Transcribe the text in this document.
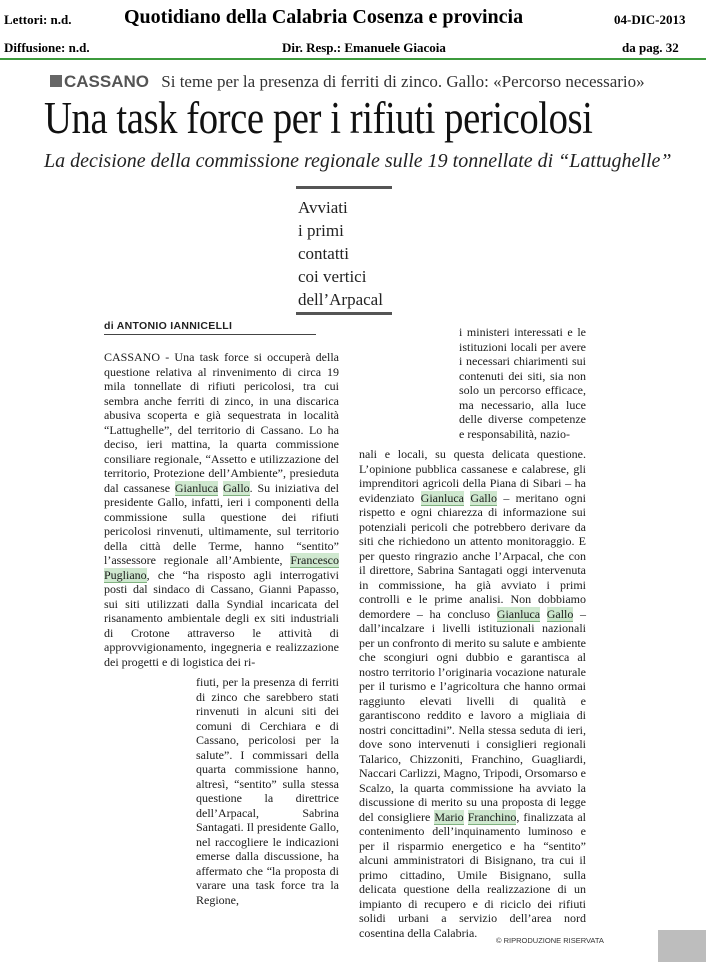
Lettori: n.d.
Diffusione: n.d.
Quotidiano della Calabria Cosenza e provincia
Dir. Resp.: Emanuele Giacoia
04-DIC-2013
da pag. 32
CASSANO Si teme per la presenza di ferriti di zinco. Gallo: «Percorso necessario»
Una task force per i rifiuti pericolosi
La decisione della commissione regionale sulle 19 tonnellate di “Lattughelle”
Avviati
i primi
contatti
coi vertici
dell’Arpacal
di ANTONIO IANNICELLI

CASSANO - Una task force si occuperà della questione relativa al rinvenimento di circa 19 mila tonnellate di rifiuti pericolosi, tra cui sembra anche ferriti di zinco, in una discarica abusiva scoperta e già sequestrata in località “Lattughelle”, del territorio di Cassano. Lo ha deciso, ieri mattina, la quarta commissione consiliare regionale, “Assetto e utilizzazione del territorio, Protezione dell’Ambiente”, presieduta dal cassanese Gianluca Gallo. Su iniziativa del presidente Gallo, infatti, ieri i componenti della commissione sulla questione dei rifiuti pericolosi rinvenuti, ultimamente, sul territorio della città delle Terme, hanno “sentito” l’assessore regionale all’Ambiente, Francesco Pugliano, che “ha risposto agli interrogativi posti dal sindaco di Cassano, Gianni Papasso, sui siti utilizzati dalla Syndial incaricata del risanamento ambientale degli ex siti industriali di Crotone attraverso le attività di approvvigionamento, ingegneria e realizzazione dei progetti e di logistica dei ri-

fiuti, per la presenza di ferriti di zinco che sarebbero stati rinvenuti in alcuni siti dei comuni di Cerchiara e di Cassano, pericolosi per la salute”. I commissari della quarta commissione hanno, altresì, “sentito” sulla stessa questione la direttrice dell’Arpacal, Sabrina Santagati. Il presidente Gallo, nel raccogliere le indicazioni emerse dalla discussione, ha affermato che “la proposta di varare una task force tra la Regione,

i ministeri interessati e le istituzioni locali per avere i necessari chiarimenti sui contenuti dei siti, sia non solo un percorso efficace, ma necessario, alla luce delle diverse competenze e responsabilità, nazio-

nali e locali, su questa delicata questione. L’opinione pubblica cassanese e calabrese, gli imprenditori agricoli della Piana di Sibari – ha evidenziato Gianluca Gallo – meritano ogni rispetto e ogni chiarezza di informazione sui potenziali pericoli che potrebbero derivare da siti che richiedono un attento monitoraggio. E per questo ringrazio anche l’Arpacal, che con il direttore, Sabrina Santagati oggi intervenuta in commissione, ha già avviato i primi controlli e le prime analisi. Non dobbiamo demordere – ha concluso Gianluca Gallo – dall’incalzare i livelli istituzionali nazionali per un confronto di merito su salute e ambiente che scongiuri ogni dubbio e garantisca al nostro territorio l’originaria vocazione naturale per il turismo e l’agricoltura che hanno ormai raggiunto elevati livelli di qualità e garantiscono reddito e lavoro a migliaia di nostri concittadini”. Nella stessa seduta di ieri, dove sono intervenuti i consiglieri regionali Talarico, Chizzoniti, Franchino, Guagliardi, Naccari Carlizzi, Magno, Tripodi, Orsomarso e Scalzo, la quarta commissione ha avviato la discussione di merito su una proposta di legge del consigliere Mario Franchino, finalizzata al contenimento dell’inquinamento luminoso e per il risparmio energetico e ha “sentito” alcuni amministratori di Bisignano, tra cui il primo cittadino, Umile Bisignano, sulla delicata questione della realizzazione di un impianto di recupero e di riciclo dei rifiuti solidi urbani a servizio dell’area nord cosentina della Calabria.

© RIPRODUZIONE RISERVATA
